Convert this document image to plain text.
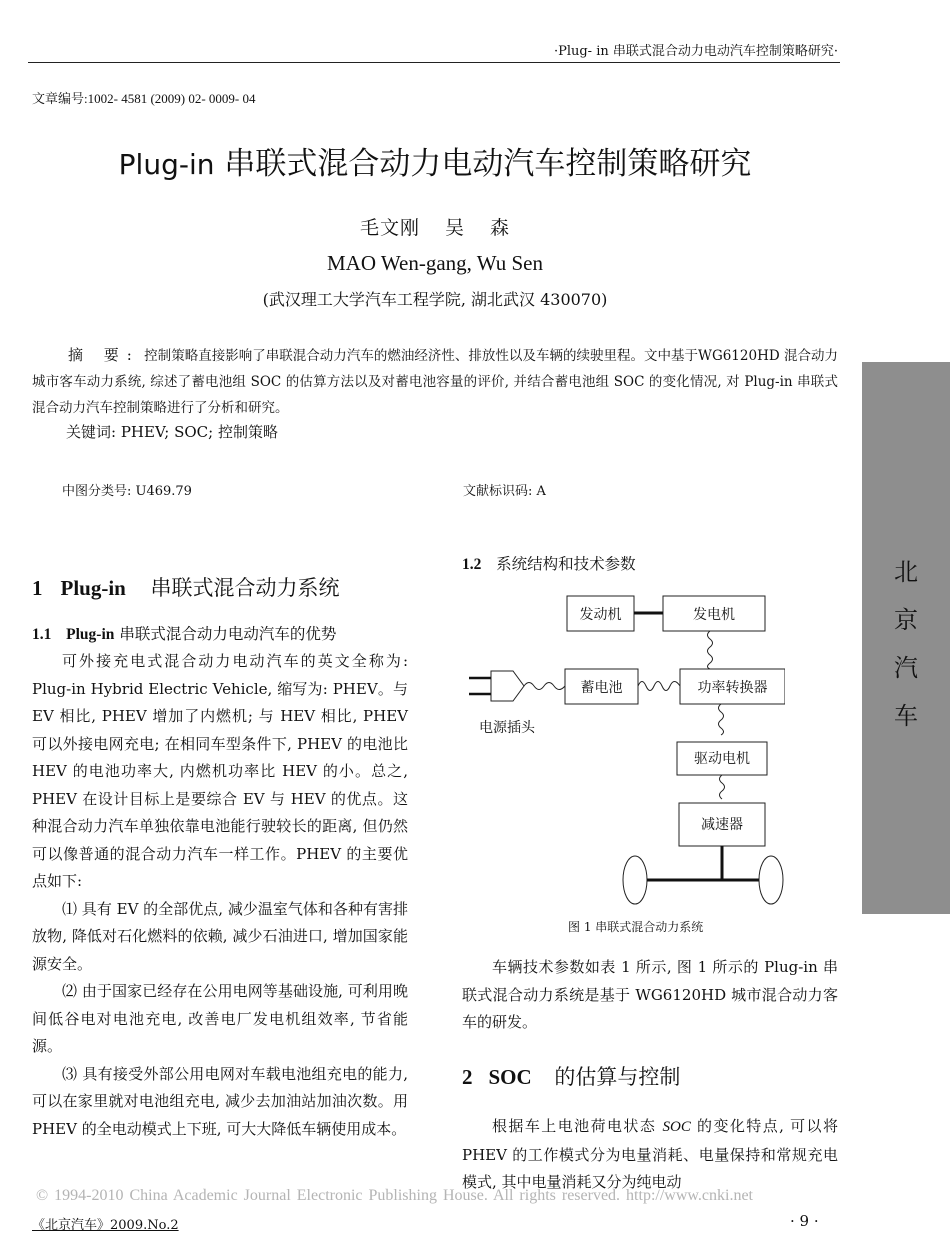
·Plug- in 串联式混合动力电动汽车控制策略研究·
文章编号:1002- 4581 (2009) 02- 0009- 04
Plug-in 串联式混合动力电动汽车控制策略研究
毛文刚 吴 森
MAO Wen-gang, Wu Sen
(武汉理工大学汽车工程学院, 湖北武汉 430070)
摘 要: 控制策略直接影响了串联混合动力汽车的燃油经济性、排放性以及车辆的续驶里程。文中基于WG6120HD 混合动力城市客车动力系统, 综述了蓄电池组 SOC 的估算方法以及对蓄电池容量的评价, 并结合蓄电池组 SOC 的变化情况, 对 Plug-in 串联式混合动力汽车控制策略进行了分析和研究。
关键词: PHEV; SOC; 控制策略
中图分类号: U469.79	文献标识码: A
北
京
汽
车
1 Plug-in 串联式混合动力系统
1.1 Plug-in 串联式混合动力电动汽车的优势

可外接充电式混合动力电动汽车的英文全称为: Plug-in Hybrid Electric Vehicle, 缩写为: PHEV。与 EV 相比, PHEV 增加了内燃机; 与 HEV 相比, PHEV 可以外接电网充电; 在相同车型条件下, PHEV 的电池比 HEV 的电池功率大, 内燃机功率比 HEV 的小。总之, PHEV 在设计目标上是要综合 EV 与 HEV 的优点。这种混合动力汽车单独依靠电池能行驶较长的距离, 但仍然可以像普通的混合动力汽车一样工作。PHEV 的主要优点如下:

⑴ 具有 EV 的全部优点, 减少温室气体和各种有害排放物, 降低对石化燃料的依赖, 减少石油进口, 增加国家能源安全。

⑵ 由于国家已经存在公用电网等基础设施, 可利用晚间低谷电对电池充电, 改善电厂发电机组效率, 节省能源。

⑶ 具有接受外部公用电网对车载电池组充电的能力, 可以在家里就对电池组充电, 减少去加油站加油次数。用 PHEV 的全电动模式上下班, 可大大降低车辆使用成本。

1.2 系统结构和技术参数
发动机	发电机
蓄电池	功率转换器
驱动电机
减速器
电源插头
图 1 串联式混合动力系统

车辆技术参数如表 1 所示, 图 1 所示的 Plug-in 串联式混合动力系统是基于 WG6120HD 城市混合动力客车的研发。

2 SOC 的估算与控制

根据车上电池荷电状态 SOC 的变化特点, 可以将 PHEV 的工作模式分为电量消耗、电量保持和常规充电模式, 其中电量消耗又分为纯电动

© 1994-2010 China Academic Journal Electronic Publishing House. All rights reserved. http://www.cnki.net
《北京汽车》2009.No.2	· 9 ·
